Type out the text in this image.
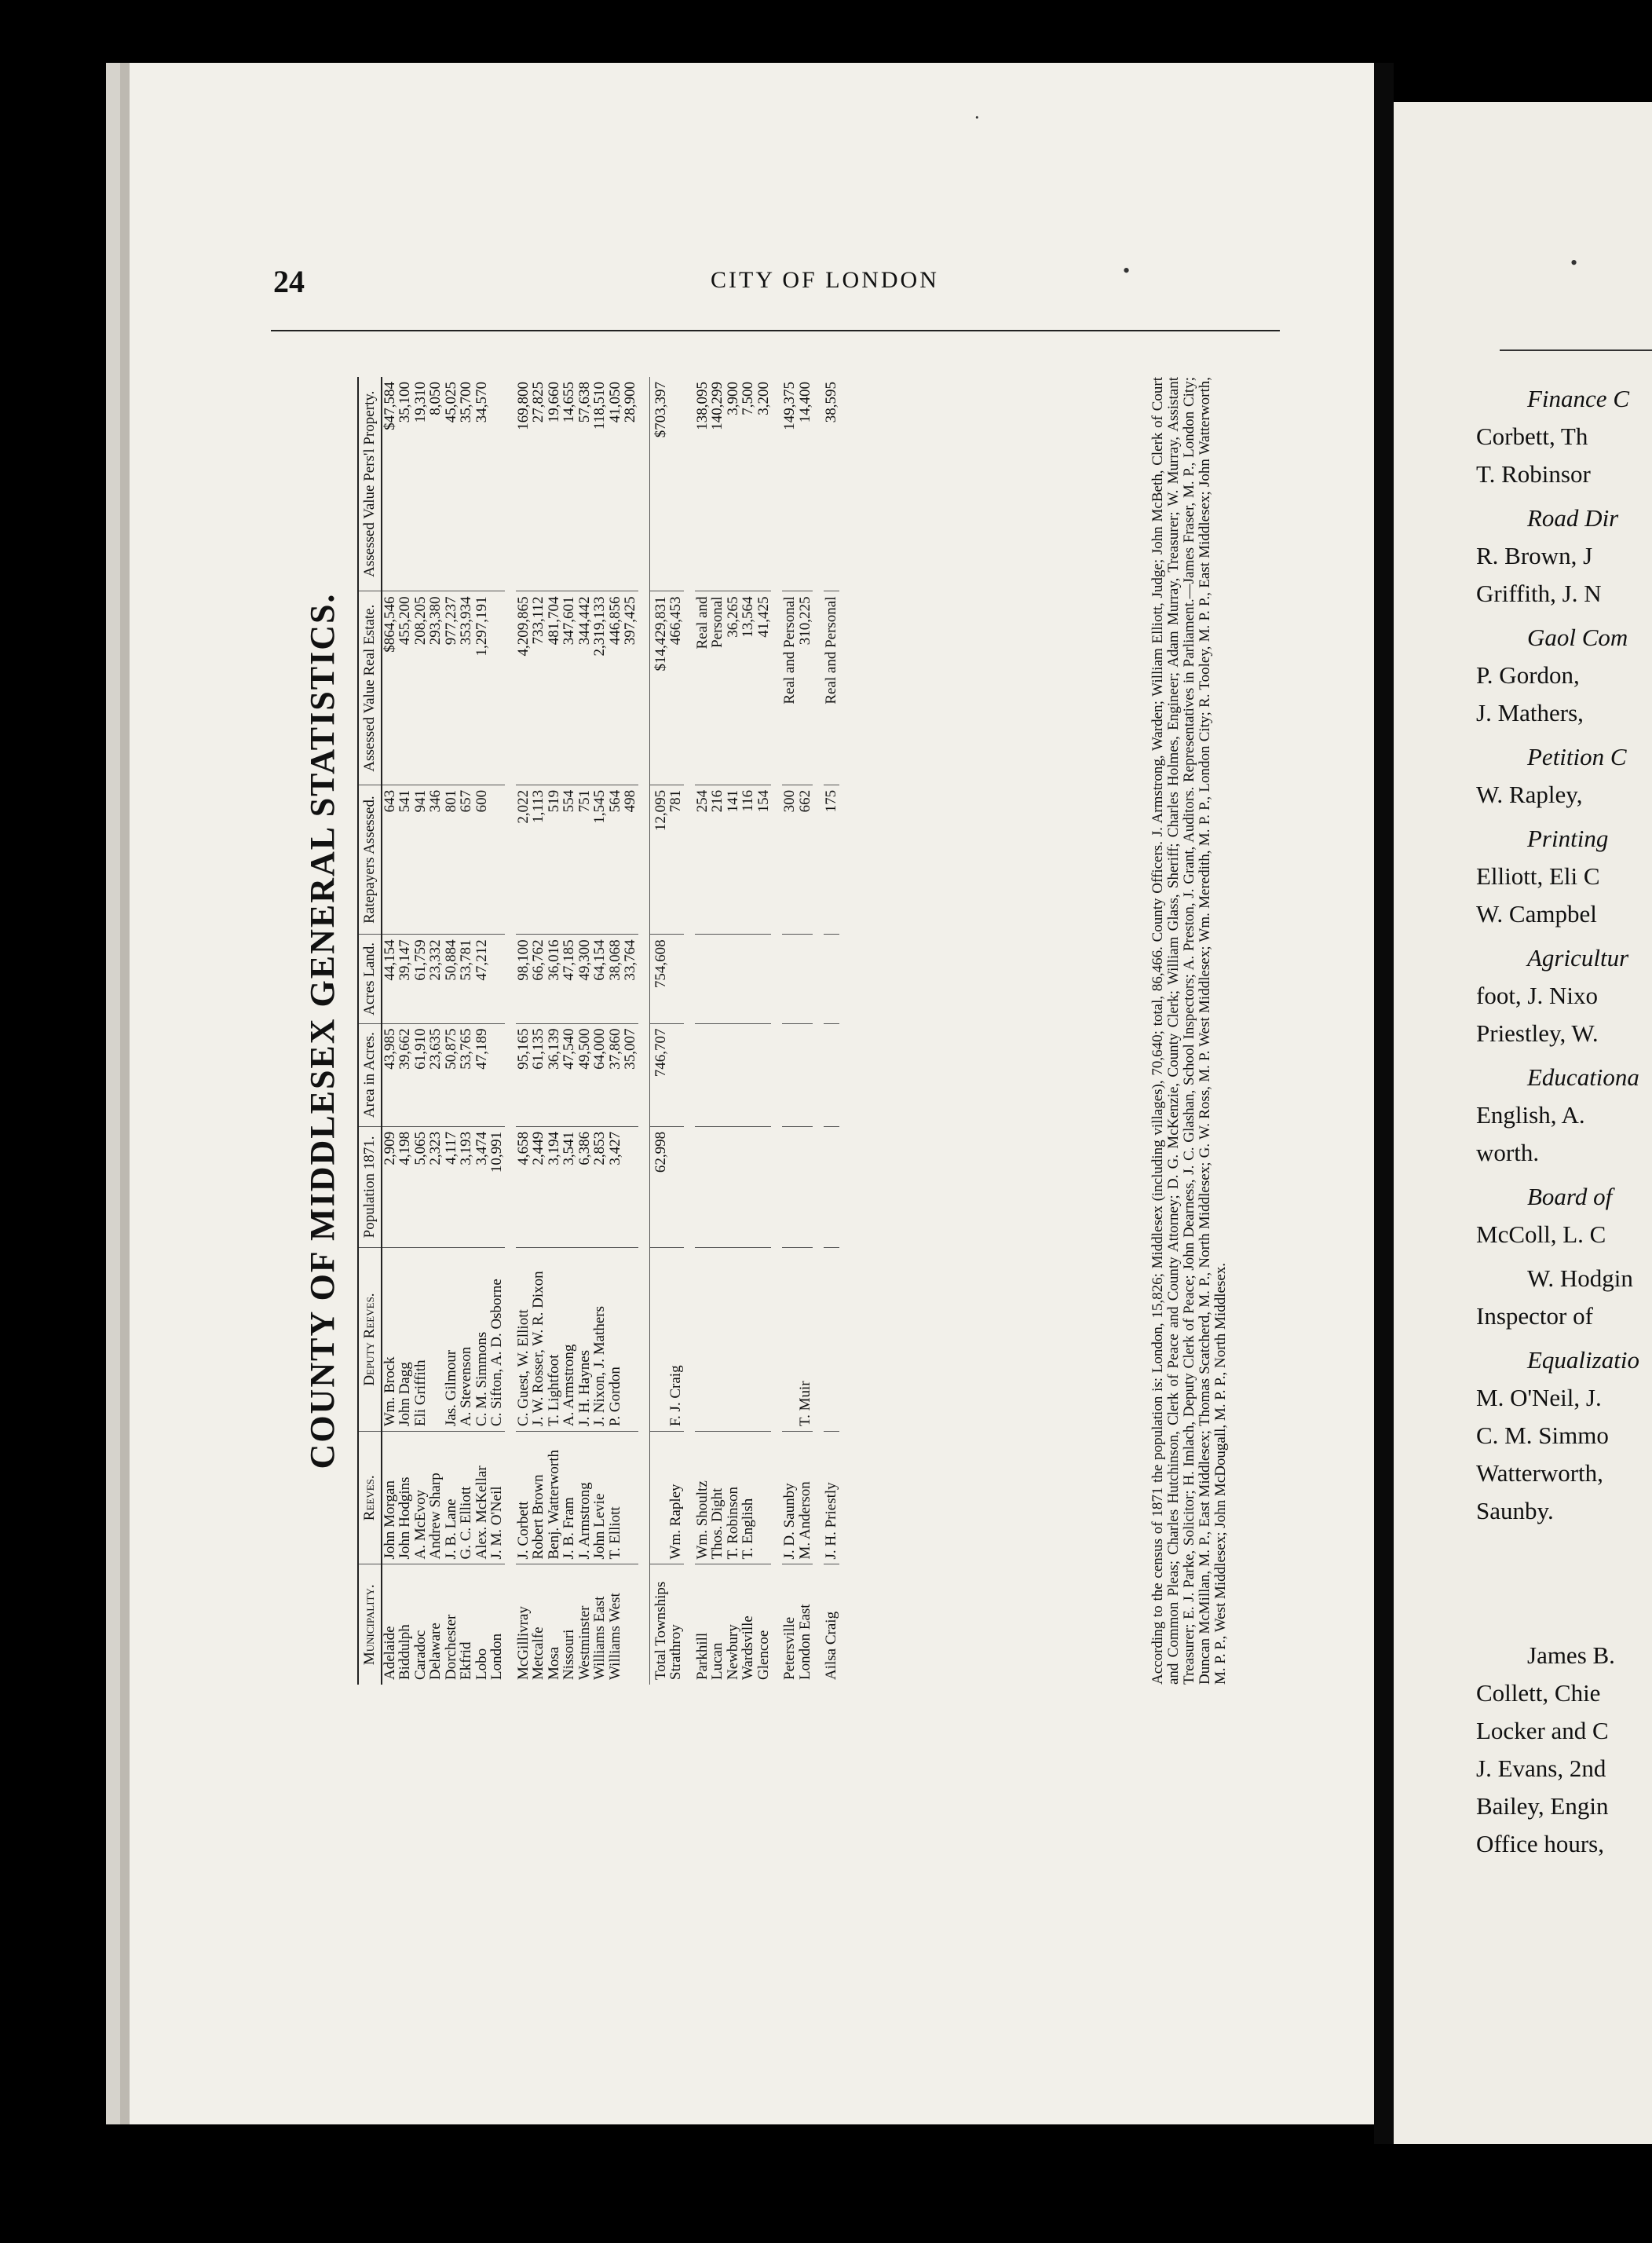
24	CITY OF LONDON
COUNTY OF MIDDLESEX GENERAL STATISTICS.
Municipality.	Reeves.	Deputy Reeves.	Population 1871.	Area in Acres.	Acres Land.	Ratepayers Assessed.	Assessed Value Real Estate.	Assessed Value Pers'l Property.
Adelaide	John Morgan	Wm. Brock	2,909	43,985	44,154	643	$864,546	$47,584
Biddulph	John Hodgins	John Dagg	4,198	39,662	39,147	541	455,200	35,100
Caradoc	A. McEvoy	Eli Griffith	5,065	61,910	61,759	941	208,205	19,310
Delaware	Andrew Sharp		2,323	23,635	23,332	346	293,380	8,050
Dorchester	J. B. Lane	Jas. Gilmour	4,117	50,875	50,884	801	977,237	45,025
Ekfrid	G. C. Elliott	A. Stevenson	3,193	53,765	53,781	657	353,934	35,700
Lobo	Alex. McKellar	C. M. Simmons	3,474	47,189	47,212	600	1,297,191	34,570
London	J. M. O'Neil	C. Sifton, A. D. Osborne	10,991					

McGillivray	J. Corbett	C. Guest, W. Elliott	4,658	95,165	98,100	2,022	4,209,865	169,800
Metcalfe	Robert Brown	J. W. Rosser, W. R. Dixon	2,449	61,135	66,762	1,113	733,112	27,825
Mosa	Benj. Watterworth	T. Lightfoot	3,194	36,139	36,016	519	481,704	19,660
Nissouri	J. B. Fram	A. Armstrong	3,541	47,540	47,185	554	347,601	14,655
Westminster	J. Armstrong	J. H. Haynes	6,386	49,500	49,300	751	344,442	57,638
Williams East	John Levie	J. Nixon, J. Mathers	2,853	64,000	64,154	1,545	2,319,133	118,510
Williams West	T. Elliott	P. Gordon	3,427	37,860	38,068	564	446,856	41,050
				35,007	33,764	498	397,425	28,900

Total Townships			62,998	746,707	754,608	12,095	$14,429,831	$703,397
Strathroy	Wm. Rapley	F. J. Craig				781	466,453	

Parkhill	Wm. Shoultz					254	Real and	138,095
Lucan	Thos. Dight					216	Personal	140,299
Newbury	T. Robinson					141	36,265	3,900
Wardsville	T. English					116	13,564	7,500
Glencoe						154	41,425	3,200

Petersville	J. D. Saunby					300	Real and Personal	149,375
London East	M. Anderson	T. Muir				662	310,225	14,400

Ailsa Craig	J. H. Priestly					175	Real and Personal	38,595	According to the census of 1871 the population is: London, 15,826; Middlesex (including villages), 70,640; total, 86,466. County Officers. J. Armstrong, Warden; William Elliott, Judge; John McBeth, Clerk of Court and Common Pleas; Charles Hutchinson, Clerk of Peace and County Attorney; D. G. McKenzie, County Clerk; William Glass, Sheriff; Charles Holmes, Engineer; Adam Murray, Treasurer; W. Murray, Assistant Treasurer; E. J. Parke, Solicitor; H. Imlach, Deputy Clerk of Peace; John Dearness, J. C. Glashan, School Inspectors; A. Preston, J. Grant, Auditors. Representatives in Parliament.—James Fraser, M. P., London City; Duncan McMillan, M. P., East Middlesex; Thomas Scatcherd, M. P., North Middlesex; G. W. Ross, M. P. West Middlesex; Wm. Meredith, M. P. P., London City; R. Tooley, M. P. P., East Middlesex; John Watterworth, M. P. P., West Middlesex; John McDougall, M. P. P., North Middlesex.
Finance C
Corbett, Th
T. Robinsor
Road Dir
R. Brown, J
Griffith, J. N
Gaol Com
P. Gordon,
J. Mathers,
Petition C
W. Rapley,
Printing
Elliott, Eli C
W. Campbel
Agricultur
foot, J. Nixo
Priestley, W.
Educationa
English, A.
worth.
Board of
McColl, L. C
W. Hodgin
Inspector of
Equalizatio
M. O'Neil, J.
C. M. Simmo
Watterworth,
Saunby.
James B.
Collett, Chie
Locker and C
J. Evans, 2nd
Bailey, Engin
Office hours,
·
•	•
